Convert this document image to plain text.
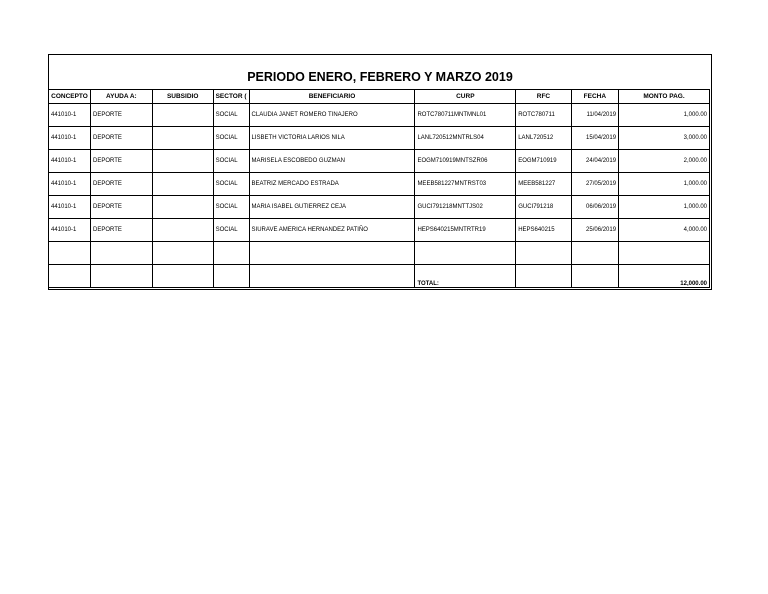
PERIODO ENERO, FEBRERO Y MARZO 2019
CONCEPTO	AYUDA A:	SUBSIDIO	SECTOR (	BENEFICIARIO	CURP	RFC	FECHA	MONTO PAG.
441010-1	DEPORTE		SOCIAL	CLAUDIA JANET ROMERO TINAJERO	ROTC780711MNTMNL01	ROTC780711	11/04/2019	1,000.00
441010-1	DEPORTE		SOCIAL	LISBETH VICTORIA LARIOS NILA	LANL720512MNTRLS04	LANL720512	15/04/2019	3,000.00
441010-1	DEPORTE		SOCIAL	MARISELA ESCOBEDO GUZMAN	EOGM710919MNTSZR06	EOGM710919	24/04/2019	2,000.00
441010-1	DEPORTE		SOCIAL	BEATRIZ MERCADO ESTRADA	MEEB581227MNTRST03	MEEB581227	27/05/2019	1,000.00
441010-1	DEPORTE		SOCIAL	MARIA ISABEL GUTIERREZ CEJA	GUCI791218MNTTJS02	GUCI791218	06/06/2019	1,000.00
441010-1	DEPORTE		SOCIAL	SIURAVE AMERICA HERNANDEZ PATIÑO	HEPS640215MNTRTR19	HEPS640215	25/06/2019	4,000.00

					TOTAL:			12,000.00
